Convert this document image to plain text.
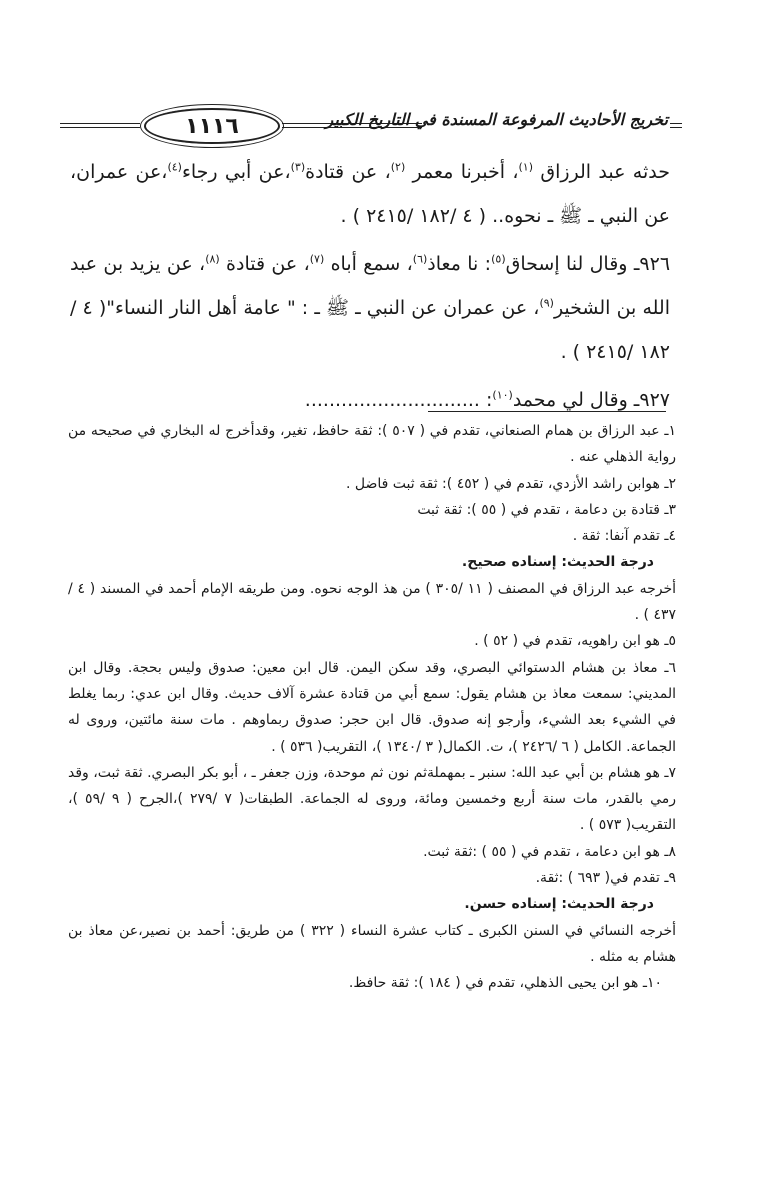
١١١٦	تخريج الأحاديث المرفوعة المسندة في التاريخ الكبير

حدثه عبد الرزاق $^{(١)}$، أخبرنا معمر $^{(٢)}$، عن قتادة$^{(٣)}$،عن أبي رجاء$^{(٤)}$،عن عمران، عن النبي ـ ﷺ ـ نحوه.. ( ٤ /١٨٢ /٢٤١٥ ) .

٩٢٦ـ وقال لنا إسحاق$^{(٥)}$: نا معاذ$^{(٦)}$، سمع أباه $^{(٧)}$، عن قتادة $^{(٨)}$، عن يزيد بن عبد الله بن الشخير$^{(٩)}$، عن عمران عن النبي ـ ﷺ ـ : " عامة أهل النار النساء"( ٤ /١٨٢ /٢٤١٥ ) .

٩٢٧ـ وقال لي محمد$^{(١٠)}$: .............................

١ـ عبد الرزاق بن همام الصنعاني، تقدم في ( ٥٠٧ ): ثقة حافظ، تغير، وقدأخرج له البخاري في صحيحه من رواية الذهلي عنه .

٢ـ هوابن راشد الأزدي، تقدم في ( ٤٥٢ ): ثقة ثبت فاضل .

٣ـ قتادة بن دعامة ، تقدم في ( ٥٥ ): ثقة ثبت

٤ـ تقدم آنفا: ثقة .

درجة الحديث: إسناده صحيح.

أخرجه عبد الرزاق في المصنف ( ١١ /٣٠٥ ) من هذ الوجه نحوه. ومن طريقه الإمام أحمد في المسند ( ٤ /٤٣٧ ) .

٥ـ هو ابن راهويه، تقدم في ( ٥٢ ) .

٦ـ معاذ بن هشام الدستوائي البصري، وقد سكن اليمن. قال ابن معين: صدوق وليس بحجة. وقال ابن المديني: سمعت معاذ بن هشام يقول: سمع أبي من قتادة عشرة آلاف حديث. وقال ابن عدي: ربما يغلط في الشيء بعد الشيء، وأرجو إنه صدوق. قال ابن حجر: صدوق ربماوهم . مات سنة مائتين، وروى له الجماعة. الكامل ( ٦ /٢٤٢٦ )، ت. الكمال( ٣ /١٣٤٠ )، التقريب( ٥٣٦ ) .

٧ـ هو هشام بن أبي عبد الله: سنبر ـ بمهملةثم نون ثم موحدة، وزن جعفر ـ ، أبو بكر البصري. ثقة ثبت، وقد رمي بالقدر، مات سنة أربع وخمسين ومائة، وروى له الجماعة. الطبقات( ٧ /٢٧٩ )،الجرح ( ٩ /٥٩ )، التقريب( ٥٧٣ ) .

٨ـ هو ابن دعامة ، تقدم في ( ٥٥ ) :ثقة ثبت.

٩ـ تقدم في( ٦٩٣ ) :ثقة.

درجة الحديث: إسناده حسن.

أخرجه النسائي في السنن الكبرى ـ كتاب عشرة النساء ( ٣٢٢ ) من طريق: أحمد بن نصير،عن معاذ بن هشام به مثله .

١٠ـ هو ابن يحيى الذهلي، تقدم في ( ١٨٤ ): ثقة حافظ.
